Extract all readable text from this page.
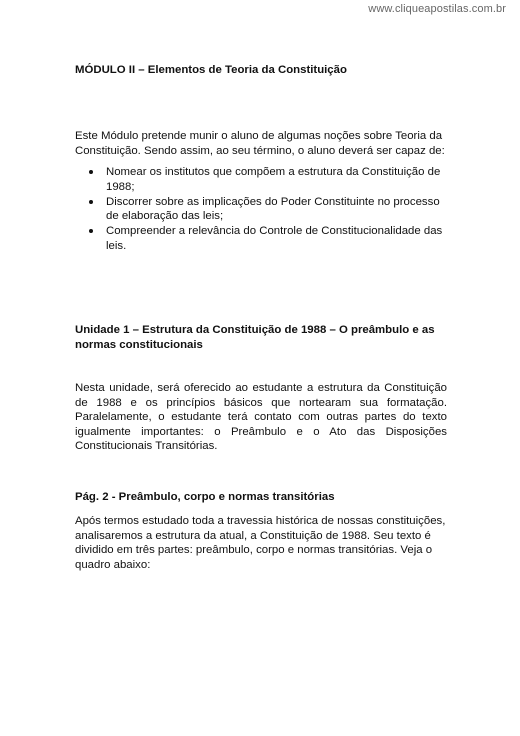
www.cliqueapostilas.com.br
MÓDULO II – Elementos de Teoria da Constituição
Este Módulo pretende munir o aluno de algumas noções sobre Teoria da Constituição. Sendo assim, ao seu término, o aluno deverá ser capaz de:
Nomear os institutos que compõem a estrutura da Constituição de 1988;
Discorrer sobre as implicações do Poder Constituinte no processo de elaboração das leis;
Compreender a relevância do Controle de Constitucionalidade das leis.
Unidade 1 – Estrutura da Constituição de 1988 – O preâmbulo e as normas constitucionais
Nesta unidade, será oferecido ao estudante a estrutura da Constituição de 1988 e os princípios básicos que nortearam sua formatação. Paralelamente, o estudante terá contato com outras partes do texto igualmente importantes: o Preâmbulo e o Ato das Disposições Constitucionais Transitórias.
Pág. 2 - Preâmbulo, corpo e normas transitórias
Após termos estudado toda a travessia histórica de nossas constituições, analisaremos a estrutura da atual, a Constituição de 1988. Seu texto é dividido em três partes: preâmbulo, corpo e normas transitórias. Veja o quadro abaixo:
